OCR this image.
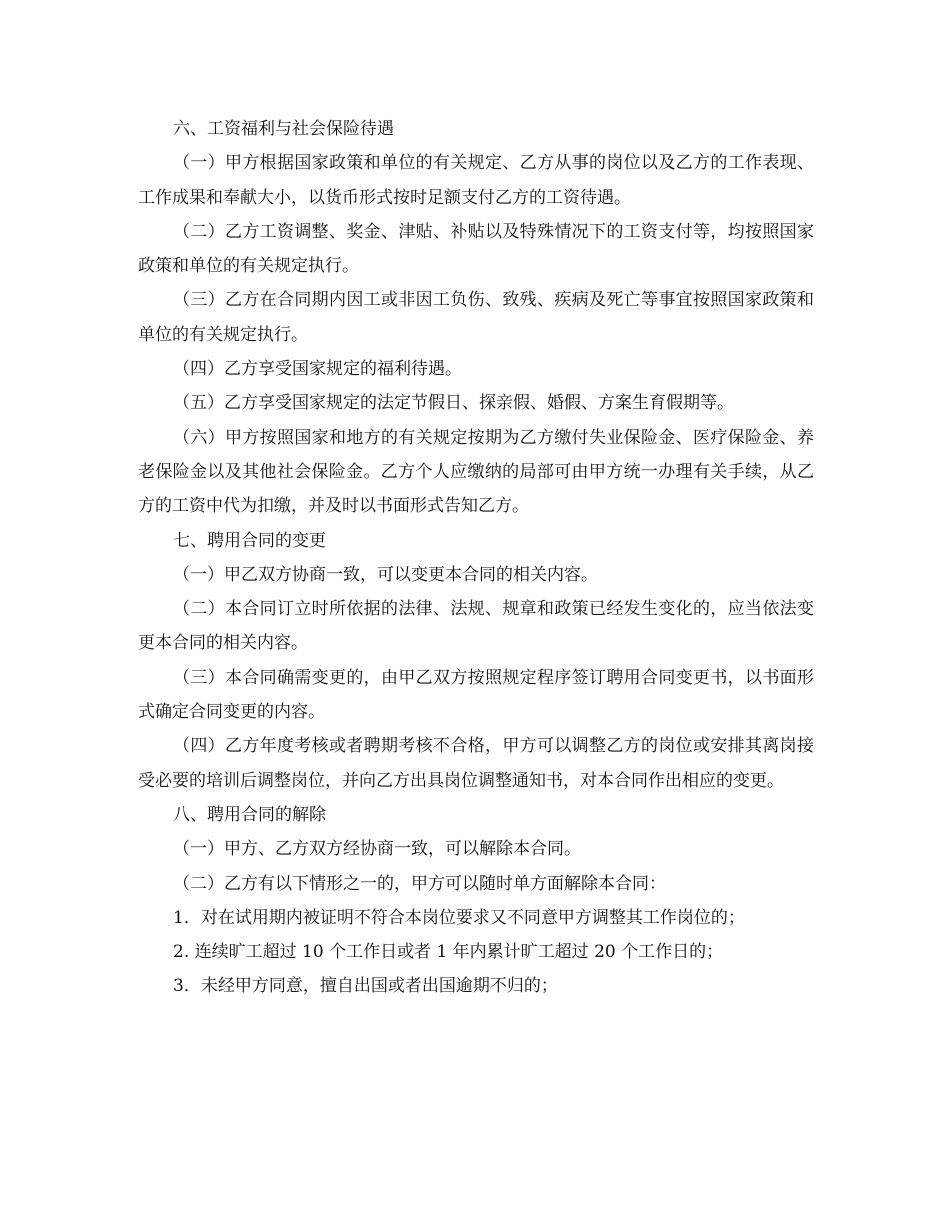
六、工资福利与社会保险待遇

（一）甲方根据国家政策和单位的有关规定、乙方从事的岗位以及乙方的工作表现、工作成果和奉献大小，以货币形式按时足额支付乙方的工资待遇。

（二）乙方工资调整、奖金、津贴、补贴以及特殊情况下的工资支付等，均按照国家政策和单位的有关规定执行。

（三）乙方在合同期内因工或非因工负伤、致残、疾病及死亡等事宜按照国家政策和单位的有关规定执行。

（四）乙方享受国家规定的福利待遇。

（五）乙方享受国家规定的法定节假日、探亲假、婚假、方案生育假期等。

（六）甲方按照国家和地方的有关规定按期为乙方缴付失业保险金、医疗保险金、养老保险金以及其他社会保险金。乙方个人应缴纳的局部可由甲方统一办理有关手续，从乙方的工资中代为扣缴，并及时以书面形式告知乙方。

七、聘用合同的变更

（一）甲乙双方协商一致，可以变更本合同的相关内容。

（二）本合同订立时所依据的法律、法规、规章和政策已经发生变化的，应当依法变更本合同的相关内容。

（三）本合同确需变更的，由甲乙双方按照规定程序签订聘用合同变更书，以书面形式确定合同变更的内容。

（四）乙方年度考核或者聘期考核不合格，甲方可以调整乙方的岗位或安排其离岗接受必要的培训后调整岗位，并向乙方出具岗位调整通知书，对本合同作出相应的变更。

八、聘用合同的解除

（一）甲方、乙方双方经协商一致，可以解除本合同。

（二）乙方有以下情形之一的，甲方可以随时单方面解除本合同：

1．对在试用期内被证明不符合本岗位要求又不同意甲方调整其工作岗位的；

2. 连续旷工超过 10 个工作日或者 1 年内累计旷工超过 20 个工作日的；

3．未经甲方同意，擅自出国或者出国逾期不归的；
